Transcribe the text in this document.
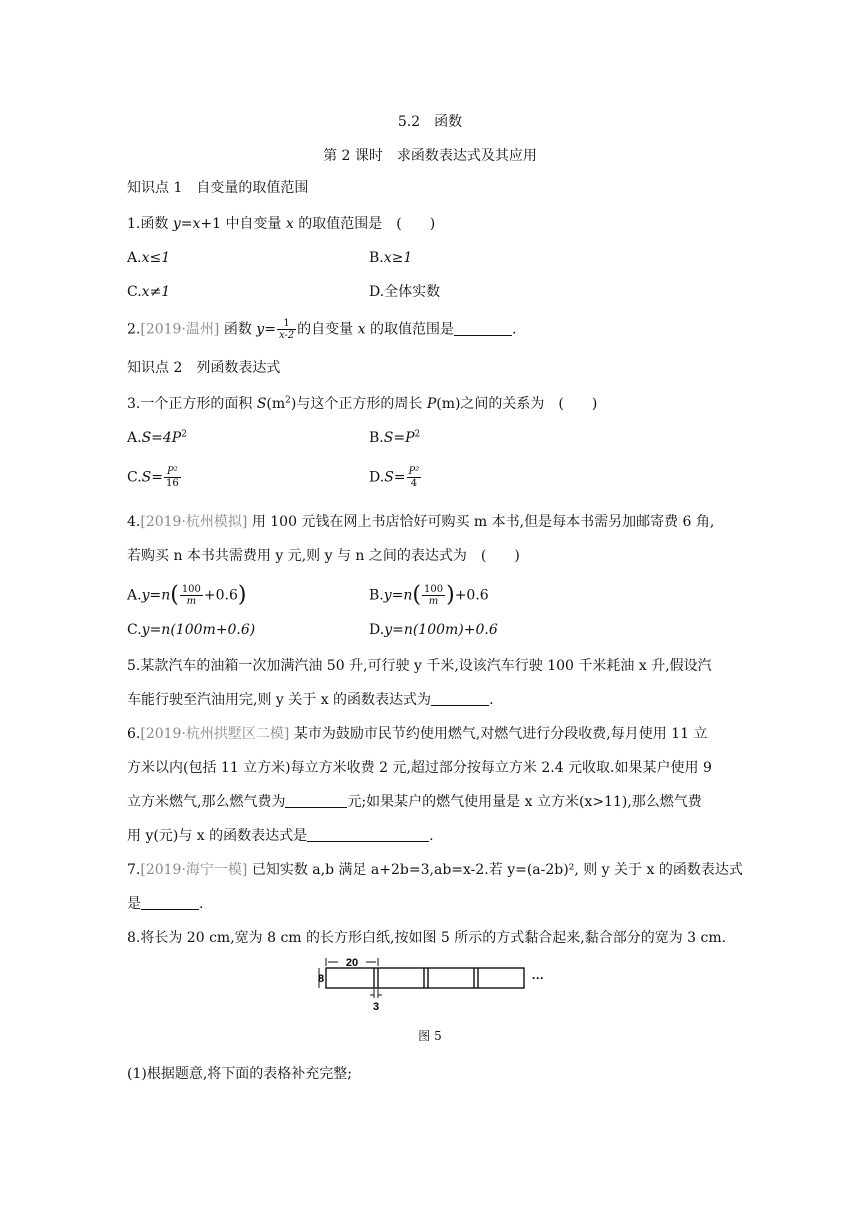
5.2　函数
第 2 课时　求函数表达式及其应用
知识点 1　自变量的取值范围
1.函数 y=x+1 中自变量 x 的取值范围是　(　　)
A.x≤1	B.x≥1
C.x≠1	D.全体实数
2.[2019·温州] 函数 $y= \frac{1}{x-2}$ 的自变量 x 的取值范围是	.
知识点 2　列函数表达式
3.一个正方形的面积 $S(m^2)$与这个正方形的周长 P(m)之间的关系为　(　　)
$A.S=4P^2$	$B.S=P^2$
$C.S= \frac{\text{P²}}{16}$	$D.S= \frac{\text{P²}}{4}$
4.[2019·杭州模拟] 用 100 元钱在网上书店恰好可购买 m 本书,但是每本书需另加邮寄费 6 角,
若购买 n 本书共需费用 y 元,则 y 与 n 之间的表达式为　(　　)
$A.y=n( \frac{100}{m} +0.6)$	$B.y=n( \frac{100}{m} )+0.6$
C.y=n(100m+0.6)	D.y=n(100m)+0.6
5.某款汽车的油箱一次加满汽油 50 升,可行驶 y 千米,设该汽车行驶 100 千米耗油 x 升,假设汽
车能行驶至汽油用完,则 y 关于 x 的函数表达式为	.
6.[2019·杭州拱墅区二模] 某市为鼓励市民节约使用燃气,对燃气进行分段收费,每月使用 11 立
方米以内(包括 11 立方米)每立方米收费 2 元,超过部分按每立方米 2.4 元收取.如果某户使用 9
立方米燃气,那么燃气费为	元;如果某户的燃气使用量是 x 立方米(x>11),那么燃气费
用 y(元)与 x 的函数表达式是	.
7.[2019·海宁一模] 已知实数 a,b 满足 a+2b=3,ab=x-2.若 y=(a-2b)², 则 y 关于 x 的函数表达式
是	.
8.将长为 20 cm,宽为 8 cm 的长方形白纸,按如图 5 所示的方式黏合起来,黏合部分的宽为 3 cm.
20
8
3
···
图 5
(1)根据题意,将下面的表格补充完整;
